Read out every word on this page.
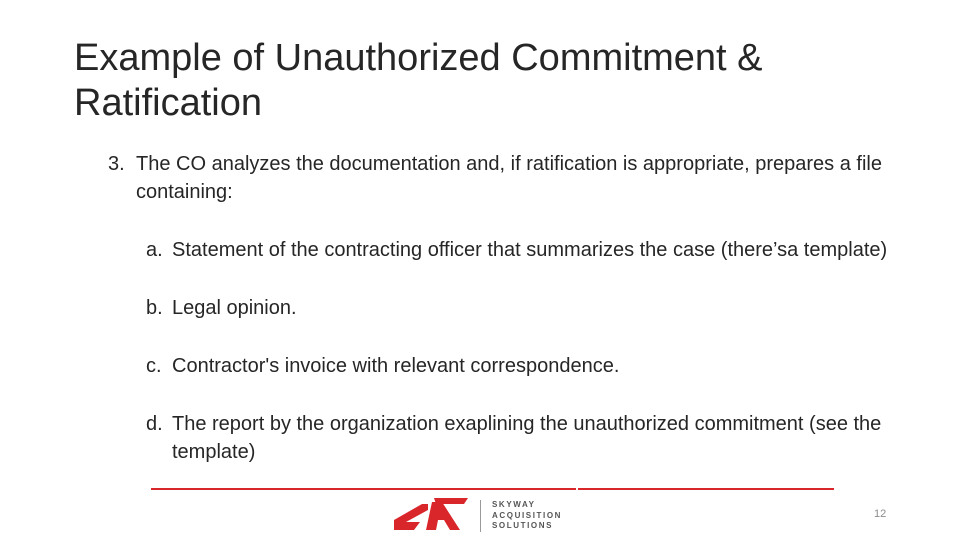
Example of Unauthorized Commitment & Ratification
3. The CO analyzes the documentation and, if ratification is appropriate, prepares a file containing:
a. Statement of the contracting officer that summarizes the case (there’sa template)
b. Legal opinion.
c. Contractor's invoice with relevant correspondence.
d. The report by the organization exaplining the unauthorized commitment (see the template)
SKYWAY
ACQUISITION
SOLUTIONS
12
